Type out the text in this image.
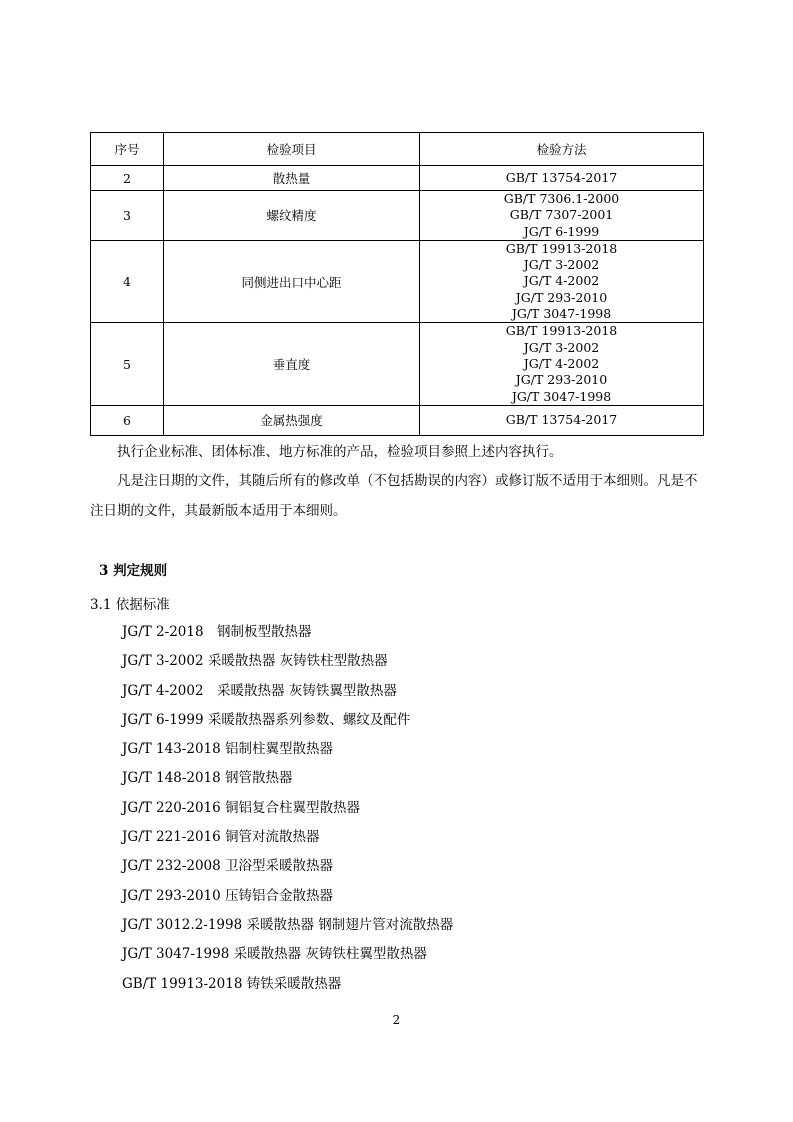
序号	检验项目	检验方法
2	散热量	GB/T 13754-2017

3	螺纹精度	GB/T 7306.1-2000
GB/T 7307-2001
JG/T 6-1999

4	同侧进出口中心距	GB/T 19913-2018
JG/T 3-2002
JG/T 4-2002
JG/T 293-2010
JG/T 3047-1998

5	垂直度	GB/T 19913-2018
JG/T 3-2002
JG/T 4-2002
JG/T 293-2010
JG/T 3047-1998

6	金属热强度	GB/T 13754-2017

执行企业标准、团体标准、地方标准的产品，检验项目参照上述内容执行。

凡是注日期的文件，其随后所有的修改单（不包括勘误的内容）或修订版不适用于本细则。凡是不注日期的文件，其最新版本适用于本细则。

3 判定规则
3.1 依据标准
JG/T 2-2018　钢制板型散热器
JG/T 3-2002 采暖散热器 灰铸铁柱型散热器
JG/T 4-2002　采暖散热器 灰铸铁翼型散热器
JG/T 6-1999 采暖散热器系列参数、螺纹及配件
JG/T 143-2018 铝制柱翼型散热器
JG/T 148-2018 钢管散热器
JG/T 220-2016 铜铝复合柱翼型散热器
JG/T 221-2016 铜管对流散热器
JG/T 232-2008 卫浴型采暖散热器
JG/T 293-2010 压铸铝合金散热器
JG/T 3012.2-1998 采暖散热器 钢制翅片管对流散热器
JG/T 3047-1998 采暖散热器 灰铸铁柱翼型散热器
GB/T 19913-2018 铸铁采暖散热器
2
